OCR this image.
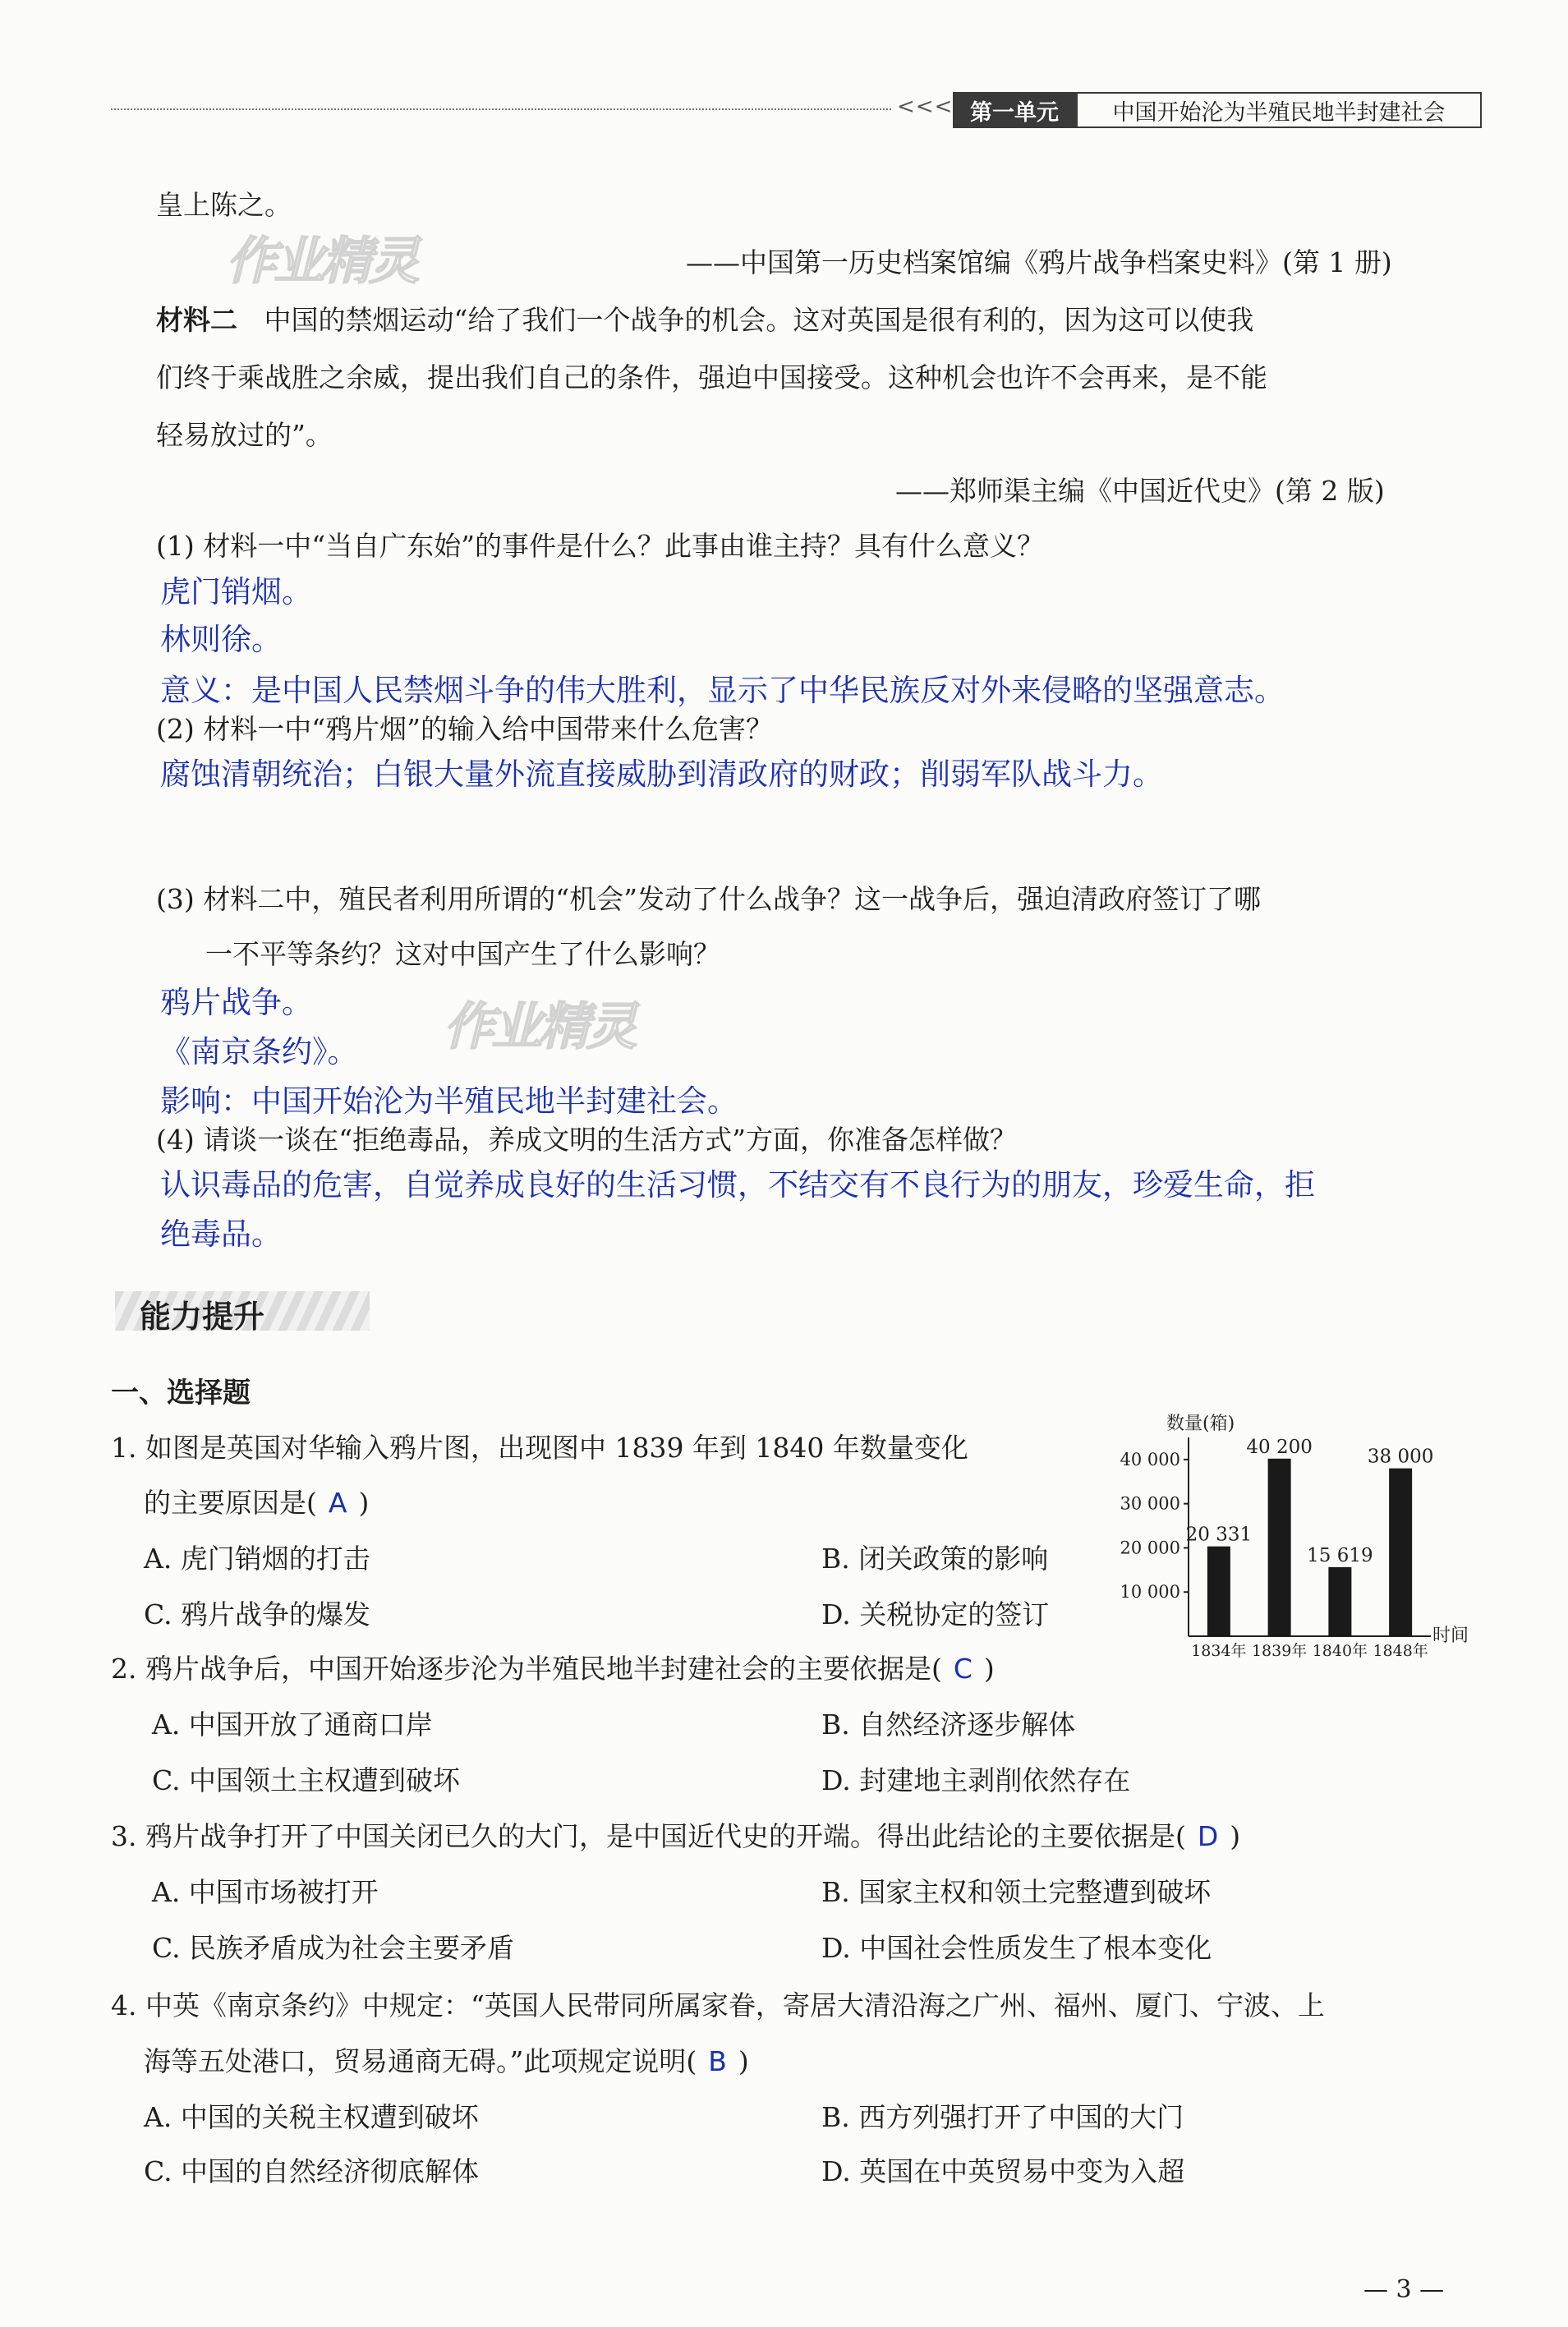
<<< 第一单元	中国开始沦为半殖民地半封建社会
作业精灵
作业精灵
皇上陈之。
——中国第一历史档案馆编《鸦片战争档案史料》(第 1 册)
材料二 中国的禁烟运动“给了我们一个战争的机会。这对英国是很有利的，因为这可以使我
们终于乘战胜之余威，提出我们自己的条件，强迫中国接受。这种机会也许不会再来，是不能
轻易放过的”。
——郑师渠主编《中国近代史》(第 2 版)
(1) 材料一中“当自广东始”的事件是什么？此事由谁主持？具有什么意义？
虎门销烟。
林则徐。
意义：是中国人民禁烟斗争的伟大胜利，显示了中华民族反对外来侵略的坚强意志。
(2) 材料一中“鸦片烟”的输入给中国带来什么危害？
腐蚀清朝统治；白银大量外流直接威胁到清政府的财政；削弱军队战斗力。
(3) 材料二中，殖民者利用所谓的“机会”发动了什么战争？这一战争后，强迫清政府签订了哪
一不平等条约？这对中国产生了什么影响？
鸦片战争。
《南京条约》。
影响：中国开始沦为半殖民地半封建社会。
(4) 请谈一谈在“拒绝毒品，养成文明的生活方式”方面，你准备怎样做？
认识毒品的危害，自觉养成良好的生活习惯，不结交有不良行为的朋友，珍爱生命，拒
绝毒品。
能力提升
一、选择题
1. 如图是英国对华输入鸦片图，出现图中 1839 年到 1840 年数量变化
的主要原因是( A )
A. 虎门销烟的打击	B. 闭关政策的影响
C. 鸦片战争的爆发	D. 关税协定的签订
数量(箱)
时间
10 000
20 000
30 000
40 000
20 331
1834年
40 200
1839年
15 619
1840年
38 000
1848年
2. 鸦片战争后，中国开始逐步沦为半殖民地半封建社会的主要依据是( C )
A. 中国开放了通商口岸	B. 自然经济逐步解体
C. 中国领土主权遭到破坏	D. 封建地主剥削依然存在
3. 鸦片战争打开了中国关闭已久的大门，是中国近代史的开端。得出此结论的主要依据是( D )
A. 中国市场被打开	B. 国家主权和领土完整遭到破坏
C. 民族矛盾成为社会主要矛盾	D. 中国社会性质发生了根本变化
4. 中英《南京条约》中规定：“英国人民带同所属家眷，寄居大清沿海之广州、福州、厦门、宁波、上
海等五处港口，贸易通商无碍。”此项规定说明( B )
A. 中国的关税主权遭到破坏	B. 西方列强打开了中国的大门
C. 中国的自然经济彻底解体	D. 英国在中英贸易中变为入超
— 3 —
